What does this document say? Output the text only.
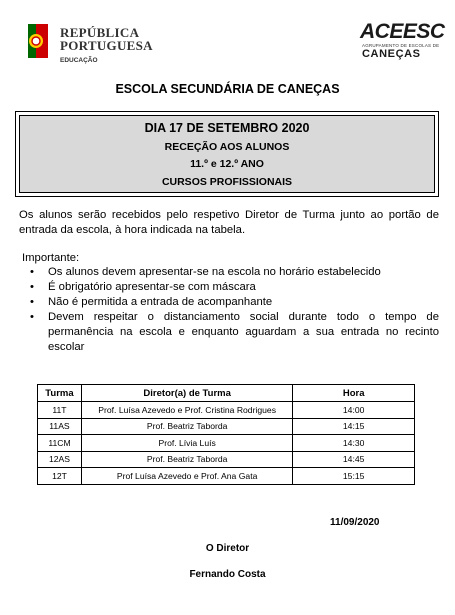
REPÚBLICA
PORTUGUESA
EDUCAÇÃO
ACEESC
AGRUPAMENTO DE ESCOLAS DE
CANEÇAS
ESCOLA SECUNDÁRIA DE CANEÇAS
DIA 17 DE SETEMBRO 2020
RECEÇÃO AOS ALUNOS
11.º e 12.º ANO
CURSOS PROFISSIONAIS

Os alunos serão recebidos pelo respetivo Diretor de Turma junto ao portão de entrada da escola, à hora indicada na tabela.

Importante:
• Os alunos devem apresentar-se na escola no horário estabelecido
• É obrigatório apresentar-se com máscara
• Não é permitida a entrada de acompanhante
• Devem respeitar o distanciamento social durante todo o tempo de permanência na escola e enquanto aguardam a sua entrada no recinto escolar
Turma	Diretor(a) de Turma	Hora
11T	Prof. Luísa Azevedo e Prof. Cristina Rodrigues	14:00
11AS	Prof. Beatriz Taborda	14:15
11CM	Prof. Lívia Luís	14:30
12AS	Prof. Beatriz Taborda	14:45
12T	Prof Luísa Azevedo e Prof. Ana Gata	15:15
11/09/2020
O Diretor
Fernando Costa
